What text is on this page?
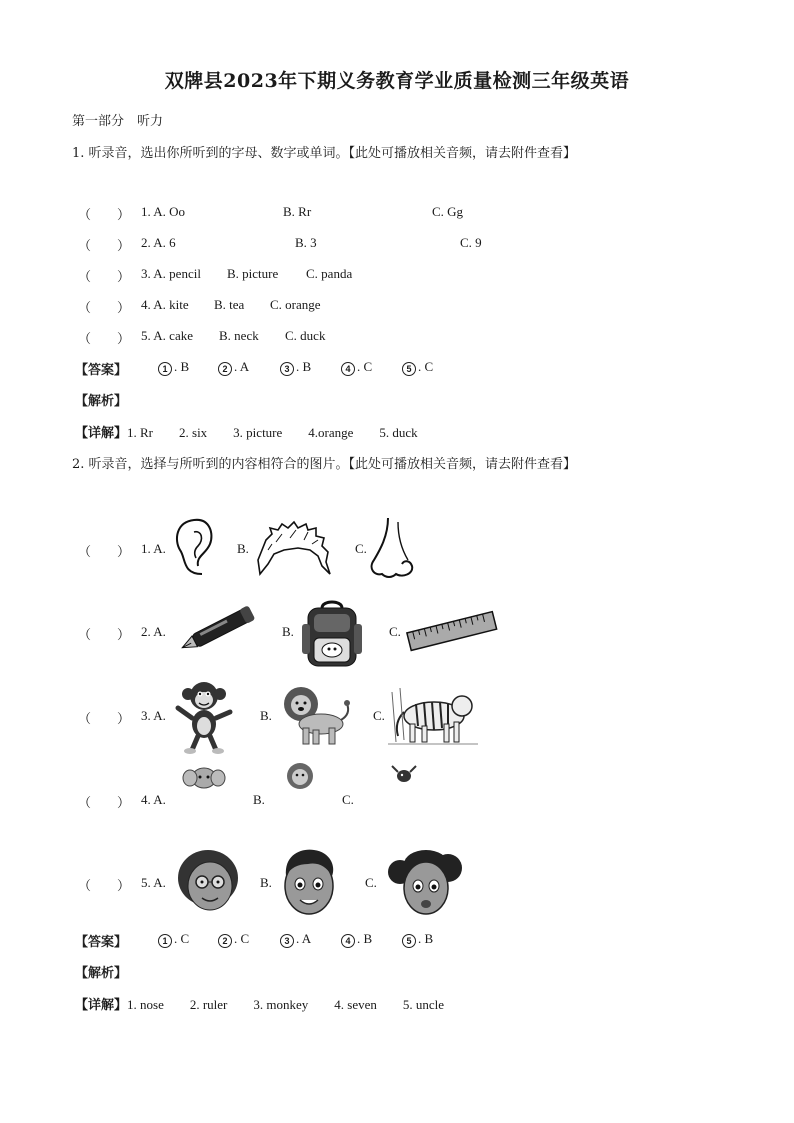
双牌县2023年下期义务教育学业质量检测三年级英语
第一部分　听力
1. 听录音，选出你所听到的字母、数字或单词。【此处可播放相关音频，请去附件查看】
（　　） 1. A. Oo	B. Rr	C. Gg
（　　） 2. A. 6	B. 3	C. 9
（　　） 3. A. pencil B. picture C. panda
（　　） 4. A. kite B. tea C. orange
（　　） 5. A. cake B. neck C. duck
【答案】	1 . B	2 . A	3 . B	4 . C	5 . C
【解析】
【详解】1. Rr　　2. six　　3. picture　　4.orange　　5. duck
2. 听录音，选择与所听到的内容相符合的图片。【此处可播放相关音频，请去附件查看】
（　　） 1. A.	B.	C.
（　　） 2. A.	B.	C.
（　　） 3. A.	B.	C.
（　　） 4. A.	B.	C.
（　　） 5. A.	B.	C.
【答案】	1 . C	2 . C	3 . A	4 . B	5 . B
【解析】
【详解】1. nose　　2. ruler　　3. monkey　　4. seven　　5. uncle
